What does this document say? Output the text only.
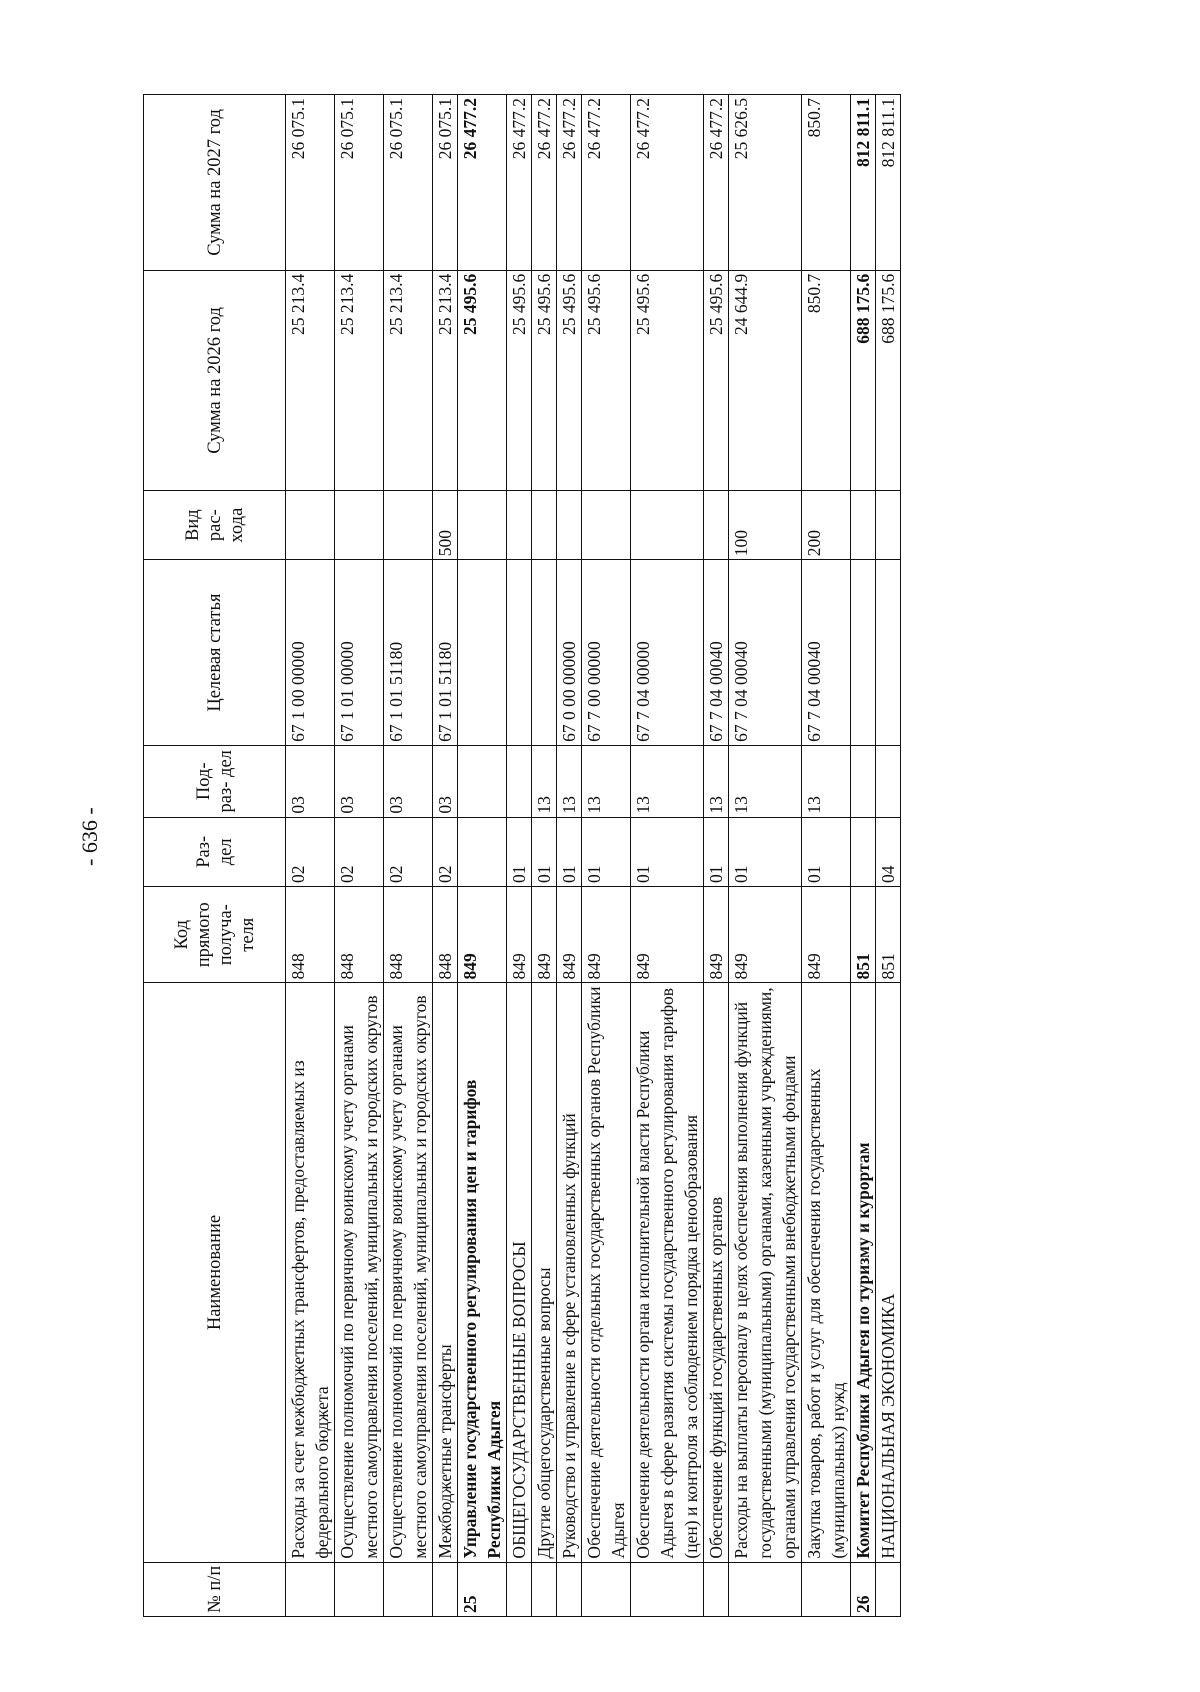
- 636 -
№ п/п	Наименование	Код прямого получа- теля	Раз- дел	Под- раз- дел	Целевая статья	Вид рас- хода	Сумма на 2026 год	Сумма на 2027 год
	Расходы за счет межбюджетных трансфертов, предоставляемых из федерального бюджета	848	02	03	67 1 00 00000		25 213.4	26 075.1
	Осуществление полномочий по первичному воинскому учету органами местного самоуправления поселений, муниципальных и городских округов	848	02	03	67 1 01 00000		25 213.4	26 075.1
	Осуществление полномочий по первичному воинскому учету органами местного самоуправления поселений, муниципальных и городских округов	848	02	03	67 1 01 51180		25 213.4	26 075.1
	Межбюджетные трансферты	848	02	03	67 1 01 51180	500	25 213.4	26 075.1
25	Управление государственного регулирования цен и тарифов Республики Адыгея	849					25 495.6	26 477.2
	ОБЩЕГОСУДАРСТВЕННЫЕ ВОПРОСЫ	849	01				25 495.6	26 477.2
	Другие общегосударственные вопросы	849	01	13			25 495.6	26 477.2
	Руководство и управление в сфере установленных функций	849	01	13	67 0 00 00000		25 495.6	26 477.2
	Обеспечение деятельности отдельных государственных органов Республики Адыгея	849	01	13	67 7 00 00000		25 495.6	26 477.2
	Обеспечение деятельности органа исполнительной власти Республики Адыгея в сфере развития системы государственного регулирования тарифов (цен) и контроля за соблюдением порядка ценообразования	849	01	13	67 7 04 00000		25 495.6	26 477.2
	Обеспечение функций государственных органов	849	01	13	67 7 04 00040		25 495.6	26 477.2
	Расходы на выплаты персоналу в целях обеспечения выполнения функций государственными (муниципальными) органами, казенными учреждениями, органами управления государственными внебюджетными фондами	849	01	13	67 7 04 00040	100	24 644.9	25 626.5
	Закупка товаров, работ и услуг для обеспечения государственных (муниципальных) нужд	849	01	13	67 7 04 00040	200	850.7	850.7
26	Комитет Республики Адыгея по туризму и курортам	851					688 175.6	812 811.1
	НАЦИОНАЛЬНАЯ ЭКОНОМИКА	851	04				688 175.6	812 811.1
